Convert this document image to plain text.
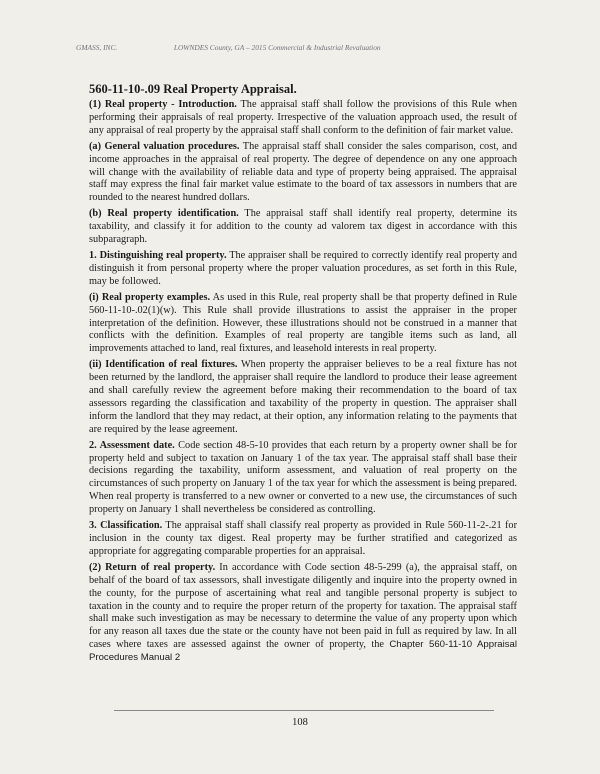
GMASS, INC.	LOWNDES County, GA – 2015 Commercial & Industrial Revaluation
560-11-10-.09 Real Property Appraisal.

(1) Real property - Introduction. The appraisal staff shall follow the provisions of this Rule when performing their appraisals of real property. Irrespective of the valuation approach used, the result of any appraisal of real property by the appraisal staff shall conform to the definition of fair market value.

(a) General valuation procedures. The appraisal staff shall consider the sales comparison, cost, and income approaches in the appraisal of real property. The degree of dependence on any one approach will change with the availability of reliable data and type of property being appraised. The appraisal staff may express the final fair market value estimate to the board of tax assessors in numbers that are rounded to the nearest hundred dollars.

(b) Real property identification. The appraisal staff shall identify real property, determine its taxability, and classify it for addition to the county ad valorem tax digest in accordance with this subparagraph.

1. Distinguishing real property. The appraiser shall be required to correctly identify real property and distinguish it from personal property where the proper valuation procedures, as set forth in this Rule, may be followed.

(i) Real property examples. As used in this Rule, real property shall be that property defined in Rule 560-11-10-.02(1)(w). This Rule shall provide illustrations to assist the appraiser in the proper interpretation of the definition. However, these illustrations should not be construed in a manner that conflicts with the definition. Examples of real property are tangible items such as land, all improvements attached to land, real fixtures, and leasehold interests in real property.

(ii) Identification of real fixtures. When property the appraiser believes to be a real fixture has not been returned by the landlord, the appraiser shall require the landlord to produce their lease agreement and shall carefully review the agreement before making their recommendation to the board of tax assessors regarding the classification and taxability of the property in question. The appraiser shall inform the landlord that they may redact, at their option, any information relating to the payments that are required by the lease agreement.

2. Assessment date. Code section 48-5-10 provides that each return by a property owner shall be for property held and subject to taxation on January 1 of the tax year. The appraisal staff shall base their decisions regarding the taxability, uniform assessment, and valuation of real property on the circumstances of such property on January 1 of the tax year for which the assessment is being prepared. When real property is transferred to a new owner or converted to a new use, the circumstances of such property on January 1 shall nevertheless be considered as controlling.

3. Classification. The appraisal staff shall classify real property as provided in Rule 560-11-2-.21 for inclusion in the county tax digest. Real property may be further stratified and categorized as appropriate for aggregating comparable properties for an appraisal.

(2) Return of real property. In accordance with Code section 48-5-299 (a), the appraisal staff, on behalf of the board of tax assessors, shall investigate diligently and inquire into the property owned in the county, for the purpose of ascertaining what real and tangible personal property is subject to taxation in the county and to require the proper return of the property for taxation. The appraisal staff shall make such investigation as may be necessary to determine the value of any property upon which for any reason all taxes due the state or the county have not been paid in full as required by law. In all cases where taxes are assessed against the owner of property, the Chapter 560-11-10 Appraisal Procedures Manual 2

108
